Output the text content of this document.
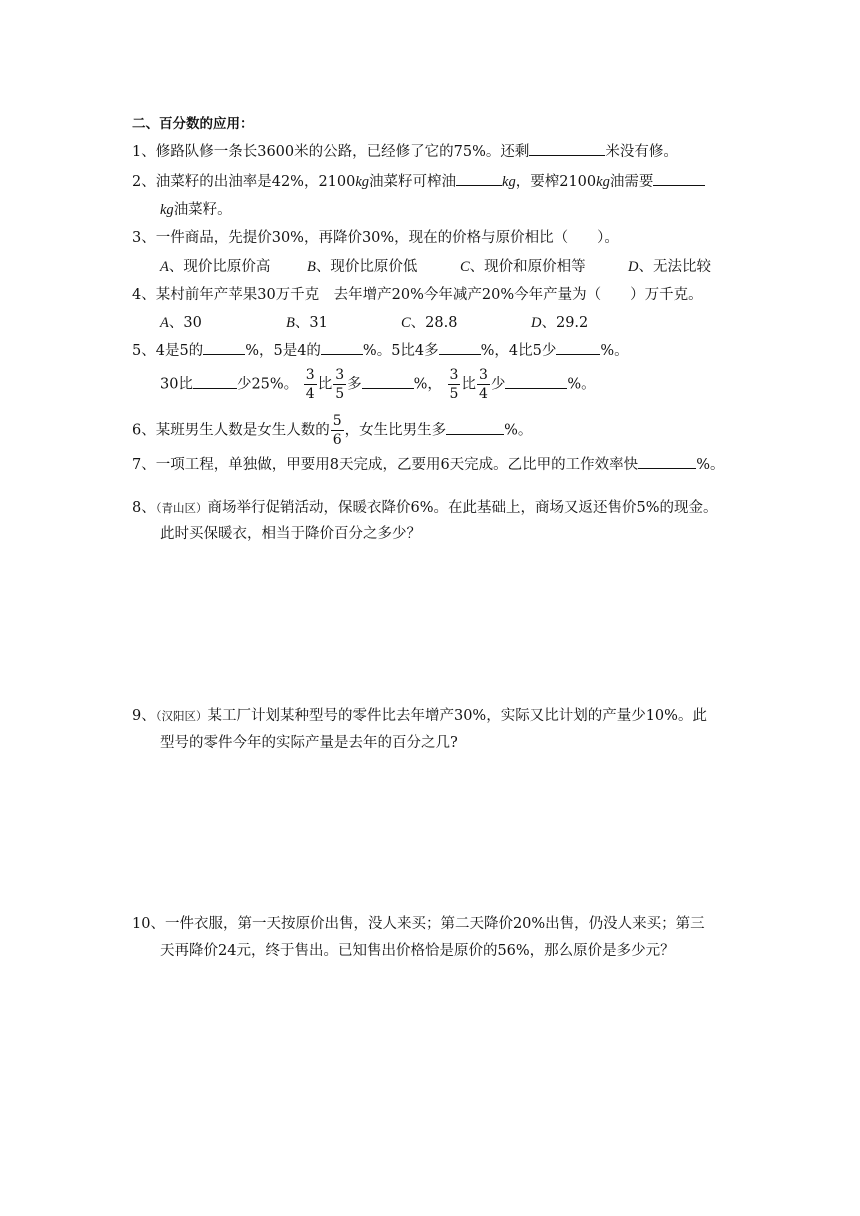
二、百分数的应用：
1、修路队修一条长3600米的公路，已经修了它的75%。还剩	米没有修。
2、油菜籽的出油率是42%，2100kg油菜籽可榨油	kg，要榨2100kg油需要
kg油菜籽。
3、一件商品，先提价30%，再降价30%，现在的价格与原价相比（　　）。
A、现价比原价高	B、现价比原价低	C、现价和原价相等	D、无法比较
4、某村前年产苹果30万千克　去年增产20%今年减产20%今年产量为（　　）万千克。
A、30	B、31	C、28.8	D、29.2
5、4是5的	%，5是4的	%。5比4多	%，4比5少	%。
30比	少25%。 $\frac{3}{4}$ 比 $\frac{3}{5}$ 多	%， $\frac{3}{5}$ 比 $\frac{3}{4}$ 少	%。
6、某班男生人数是女生人数的 $\frac{5}{6}$ ，女生比男生多	%。
7、一项工程，单独做，甲要用8天完成，乙要用6天完成。乙比甲的工作效率快	%。
8、（青山区）商场举行促销活动，保暖衣降价6%。在此基础上，商场又返还售价5%的现金。
此时买保暖衣，相当于降价百分之多少？
9、（汉阳区）某工厂计划某种型号的零件比去年增产30%，实际又比计划的产量少10%。此
型号的零件今年的实际产量是去年的百分之几?
10、一件衣服，第一天按原价出售，没人来买；第二天降价20%出售，仍没人来买；第三
天再降价24元，终于售出。已知售出价格恰是原价的56%，那么原价是多少元？
